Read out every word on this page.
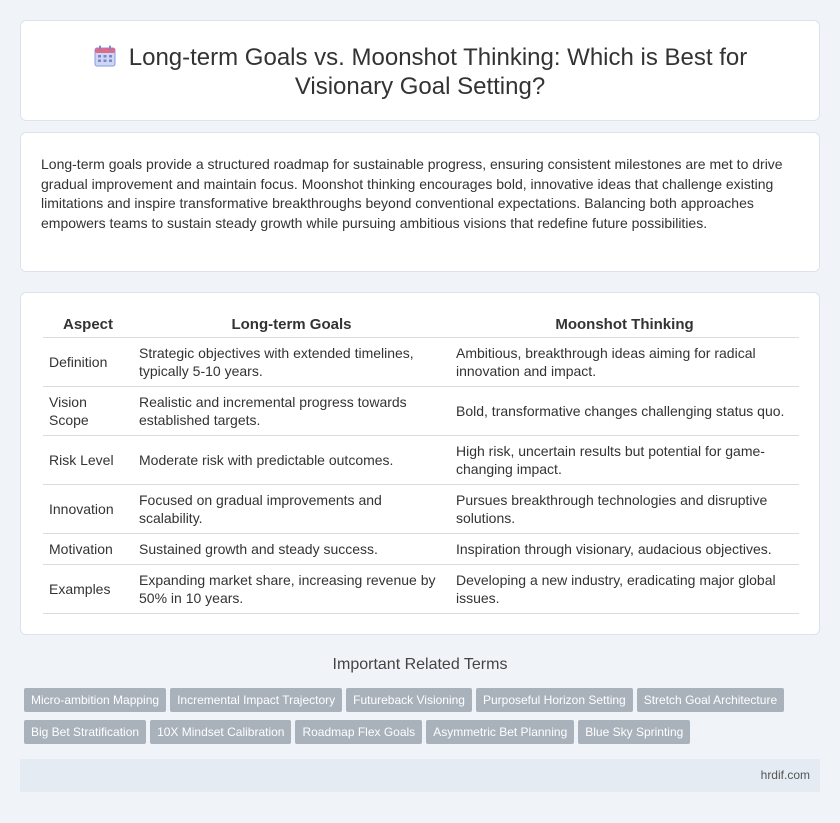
Long-term Goals vs. Moonshot Thinking: Which is Best for Visionary Goal Setting?

Long-term goals provide a structured roadmap for sustainable progress, ensuring consistent milestones are met to drive gradual improvement and maintain focus. Moonshot thinking encourages bold, innovative ideas that challenge existing limitations and inspire transformative breakthroughs beyond conventional expectations. Balancing both approaches empowers teams to sustain steady growth while pursuing ambitious visions that redefine future possibilities.

Aspect	Long-term Goals	Moonshot Thinking
Definition	Strategic objectives with extended timelines, typically 5-10 years.	Ambitious, breakthrough ideas aiming for radical innovation and impact.
Vision Scope	Realistic and incremental progress towards established targets.	Bold, transformative changes challenging status quo.
Risk Level	Moderate risk with predictable outcomes.	High risk, uncertain results but potential for game-changing impact.
Innovation	Focused on gradual improvements and scalability.	Pursues breakthrough technologies and disruptive solutions.
Motivation	Sustained growth and steady success.	Inspiration through visionary, audacious objectives.
Examples	Expanding market share, increasing revenue by 50% in 10 years.	Developing a new industry, eradicating major global issues.
Important Related Terms
Micro-ambition Mapping Incremental Impact Trajectory Futureback Visioning Purposeful Horizon Setting Stretch Goal ArchitectureBig Bet Stratification 10X Mindset Calibration Roadmap Flex Goals Asymmetric Bet Planning Blue Sky Sprinting
hrdif.com
